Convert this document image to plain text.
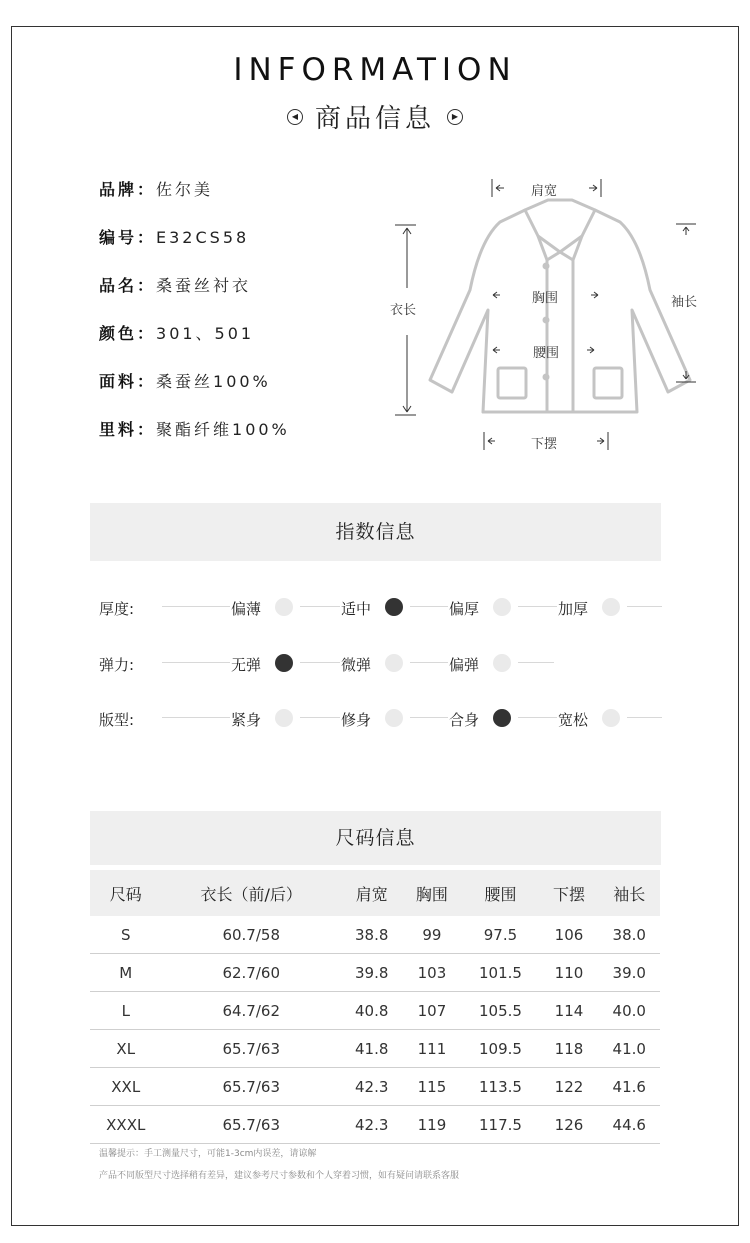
INFORMATION
◀ 商品信息 ▶
品牌：佐尔美
编号：E32CS58
品名：桑蚕丝衬衣
颜色：301、501
面料：桑蚕丝100%
里料：聚酯纤维100%
肩宽
衣长
胸围
腰围
下摆
袖长
指数信息
厚度:	偏薄	适中	偏厚	加厚
弹力:	无弹	微弹	偏弹
版型:	紧身	修身	合身	宽松
尺码信息
尺码	衣长（前/后）	肩宽	胸围	腰围	下摆	袖长
S	60.7/58	38.8	99	97.5	106	38.0
M	62.7/60	39.8	103	101.5	110	39.0
L	64.7/62	40.8	107	105.5	114	40.0
XL	65.7/63	41.8	111	109.5	118	41.0
XXL	65.7/63	42.3	115	113.5	122	41.6
XXXL	65.7/63	42.3	119	117.5	126	44.6
温馨提示：手工测量尺寸，可能1-3cm内误差，请谅解
产品不同版型尺寸选择稍有差异，建议参考尺寸参数和个人穿着习惯，如有疑问请联系客服
